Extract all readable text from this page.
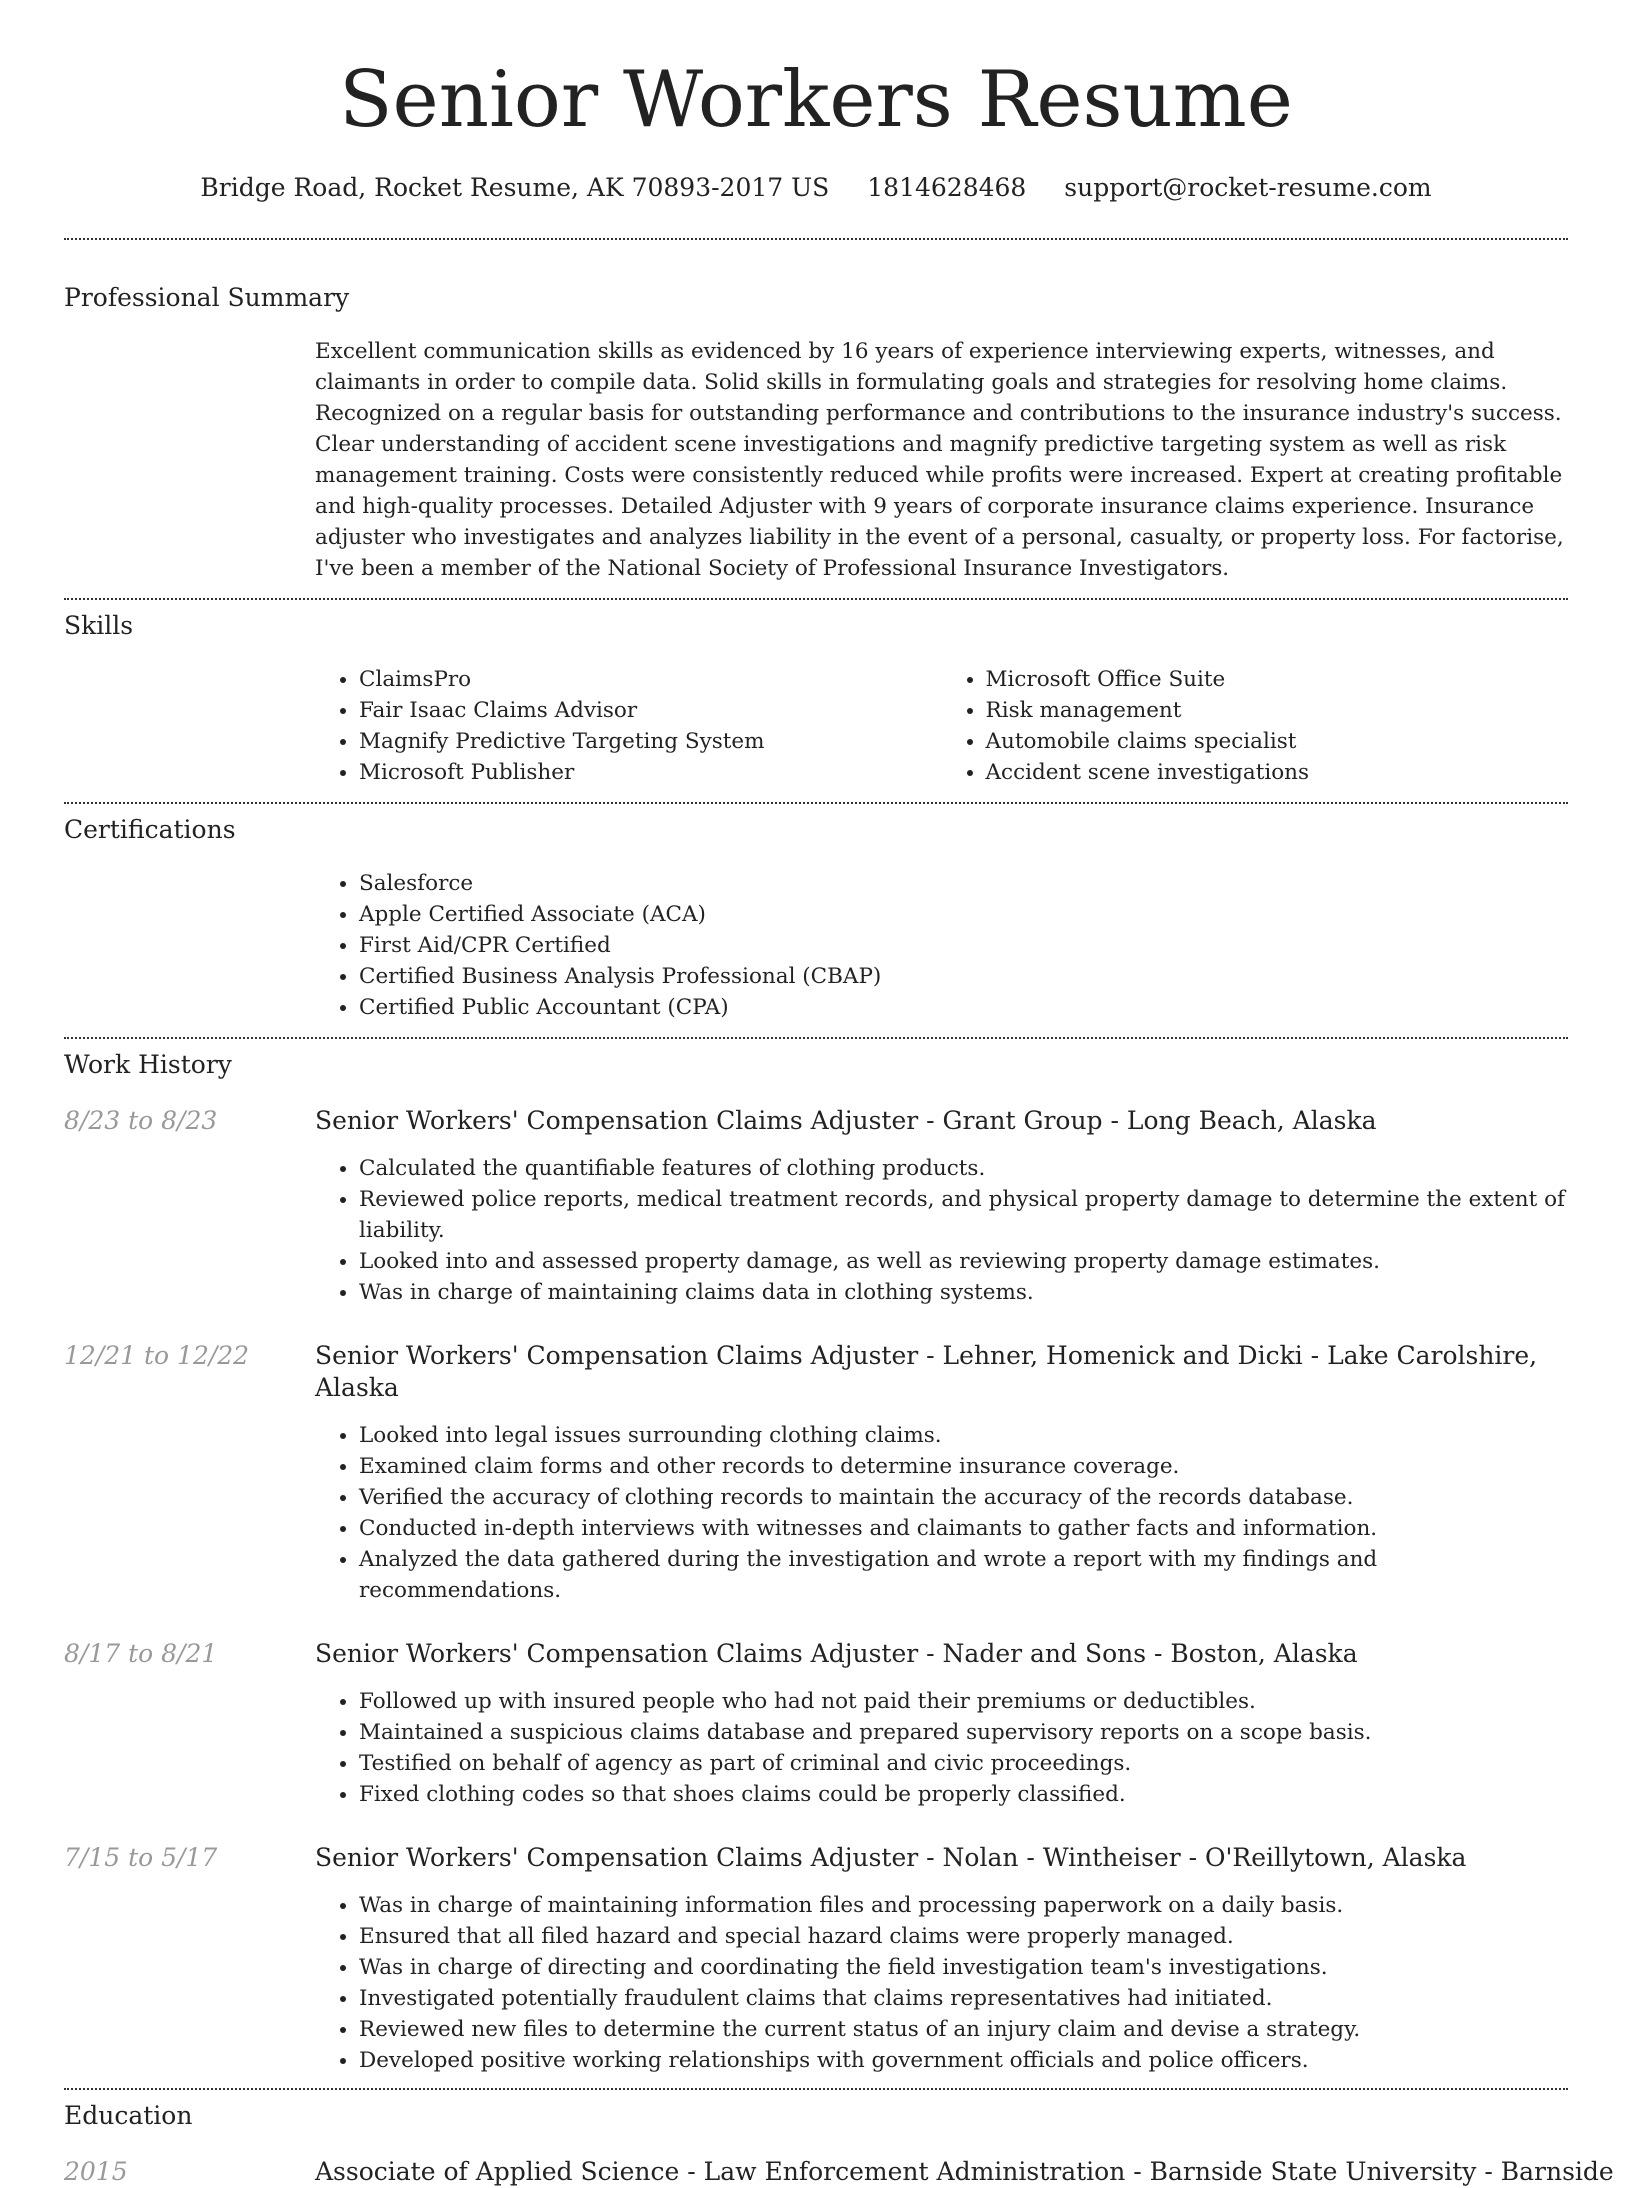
Senior Workers Resume
Bridge Road, Rocket Resume, AK 70893-2017 US 1814628468 support@rocket-resume.com
Professional Summary
Excellent communication skills as evidenced by 16 years of experience interviewing experts, witnesses, and claimants in order to compile data. Solid skills in formulating goals and strategies for resolving home claims. Recognized on a regular basis for outstanding performance and contributions to the insurance industry's success. Clear understanding of accident scene investigations and magnify predictive targeting system as well as risk management training. Costs were consistently reduced while profits were increased. Expert at creating profitable and high-quality processes. Detailed Adjuster with 9 years of corporate insurance claims experience. Insurance adjuster who investigates and analyzes liability in the event of a personal, casualty, or property loss. For factorise, I've been a member of the National Society of Professional Insurance Investigators.
Skills
• ClaimsPro
• Fair Isaac Claims Advisor
• Magnify Predictive Targeting System
• Microsoft Publisher
• Microsoft Office Suite
• Risk management
• Automobile claims specialist
• Accident scene investigations
Certifications
• Salesforce
• Apple Certified Associate (ACA)
• First Aid/CPR Certified
• Certified Business Analysis Professional (CBAP)
• Certified Public Accountant (CPA)
Work History
8/23 to 8/23	Senior Workers' Compensation Claims Adjuster - Grant Group - Long Beach, Alaska
• Calculated the quantifiable features of clothing products.
• Reviewed police reports, medical treatment records, and physical property damage to determine the extent of liability.
• Looked into and assessed property damage, as well as reviewing property damage estimates.
• Was in charge of maintaining claims data in clothing systems.
12/21 to 12/22	Senior Workers' Compensation Claims Adjuster - Lehner, Homenick and Dicki - Lake Carolshire, Alaska
• Looked into legal issues surrounding clothing claims.
• Examined claim forms and other records to determine insurance coverage.
• Verified the accuracy of clothing records to maintain the accuracy of the records database.
• Conducted in-depth interviews with witnesses and claimants to gather facts and information.
• Analyzed the data gathered during the investigation and wrote a report with my findings and recommendations.
8/17 to 8/21	Senior Workers' Compensation Claims Adjuster - Nader and Sons - Boston, Alaska
• Followed up with insured people who had not paid their premiums or deductibles.
• Maintained a suspicious claims database and prepared supervisory reports on a scope basis.
• Testified on behalf of agency as part of criminal and civic proceedings.
• Fixed clothing codes so that shoes claims could be properly classified.
7/15 to 5/17	Senior Workers' Compensation Claims Adjuster - Nolan - Wintheiser - O'Reillytown, Alaska
• Was in charge of maintaining information files and processing paperwork on a daily basis.
• Ensured that all filed hazard and special hazard claims were properly managed.
• Was in charge of directing and coordinating the field investigation team's investigations.
• Investigated potentially fraudulent claims that claims representatives had initiated.
• Reviewed new files to determine the current status of an injury claim and devise a strategy.
• Developed positive working relationships with government officials and police officers.
Education
2015	Associate of Applied Science - Law Enforcement Administration - Barnside State University - Barnside
